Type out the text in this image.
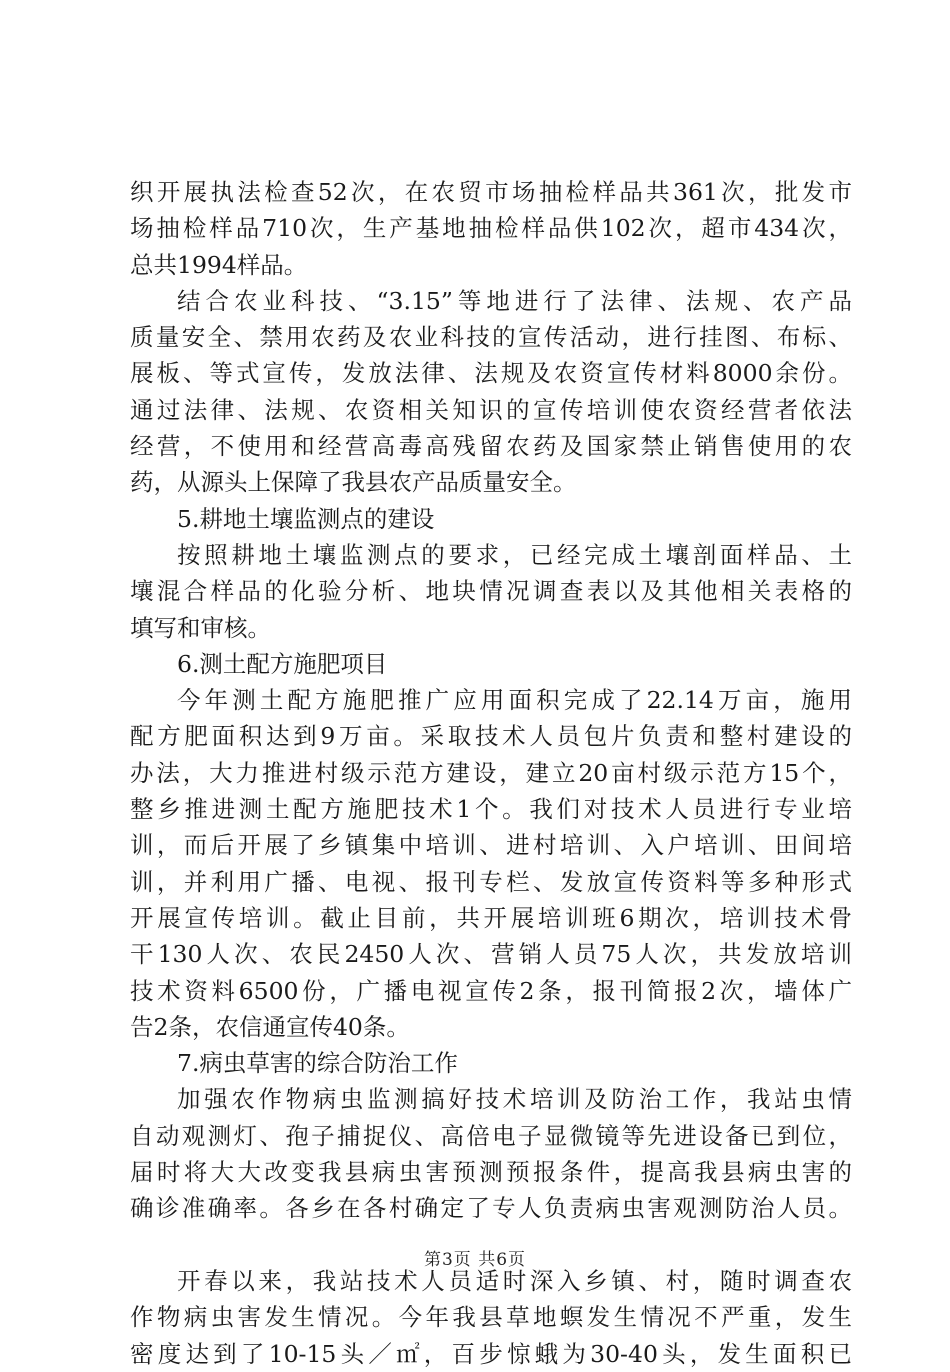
织开展执法检查52次，在农贸市场抽检样品共361次，批发市
场抽检样品710次，生产基地抽检样品供102次，超市434次，
总共1994样品。
结合农业科技、“3.15”等地进行了法律、法规、农产品
质量安全、禁用农药及农业科技的宣传活动，进行挂图、布标、
展板、等式宣传，发放法律、法规及农资宣传材料8000余份。
通过法律、法规、农资相关知识的宣传培训使农资经营者依法
经营，不使用和经营高毒高残留农药及国家禁止销售使用的农
药，从源头上保障了我县农产品质量安全。
5.耕地土壤监测点的建设
按照耕地土壤监测点的要求，已经完成土壤剖面样品、土
壤混合样品的化验分析、地块情况调查表以及其他相关表格的
填写和审核。
6.测土配方施肥项目
今年测土配方施肥推广应用面积完成了22.14万亩，施用
配方肥面积达到9万亩。采取技术人员包片负责和整村建设的
办法，大力推进村级示范方建设，建立20亩村级示范方15个，
整乡推进测土配方施肥技术1个。我们对技术人员进行专业培
训，而后开展了乡镇集中培训、进村培训、入户培训、田间培
训，并利用广播、电视、报刊专栏、发放宣传资料等多种形式
开展宣传培训。截止目前，共开展培训班6期次，培训技术骨
干130人次、农民2450人次、营销人员75人次，共发放培训
技术资料6500份，广播电视宣传2条，报刊简报2次，墙体广
告2条，农信通宣传40条。
7.病虫草害的综合防治工作
加强农作物病虫监测搞好技术培训及防治工作，我站虫情
自动观测灯、孢子捕捉仪、高倍电子显微镜等先进设备已到位，
届时将大大改变我县病虫害预测预报条件，提高我县病虫害的
确诊准确率。各乡在各村确定了专人负责病虫害观测防治人员。
开春以来，我站技术人员适时深入乡镇、村，随时调查农
作物病虫害发生情况。今年我县草地螟发生情况不严重，发生
密度达到了10-15头／㎡，百步惊蛾为30-40头，发生面积已
第3页 共6页
